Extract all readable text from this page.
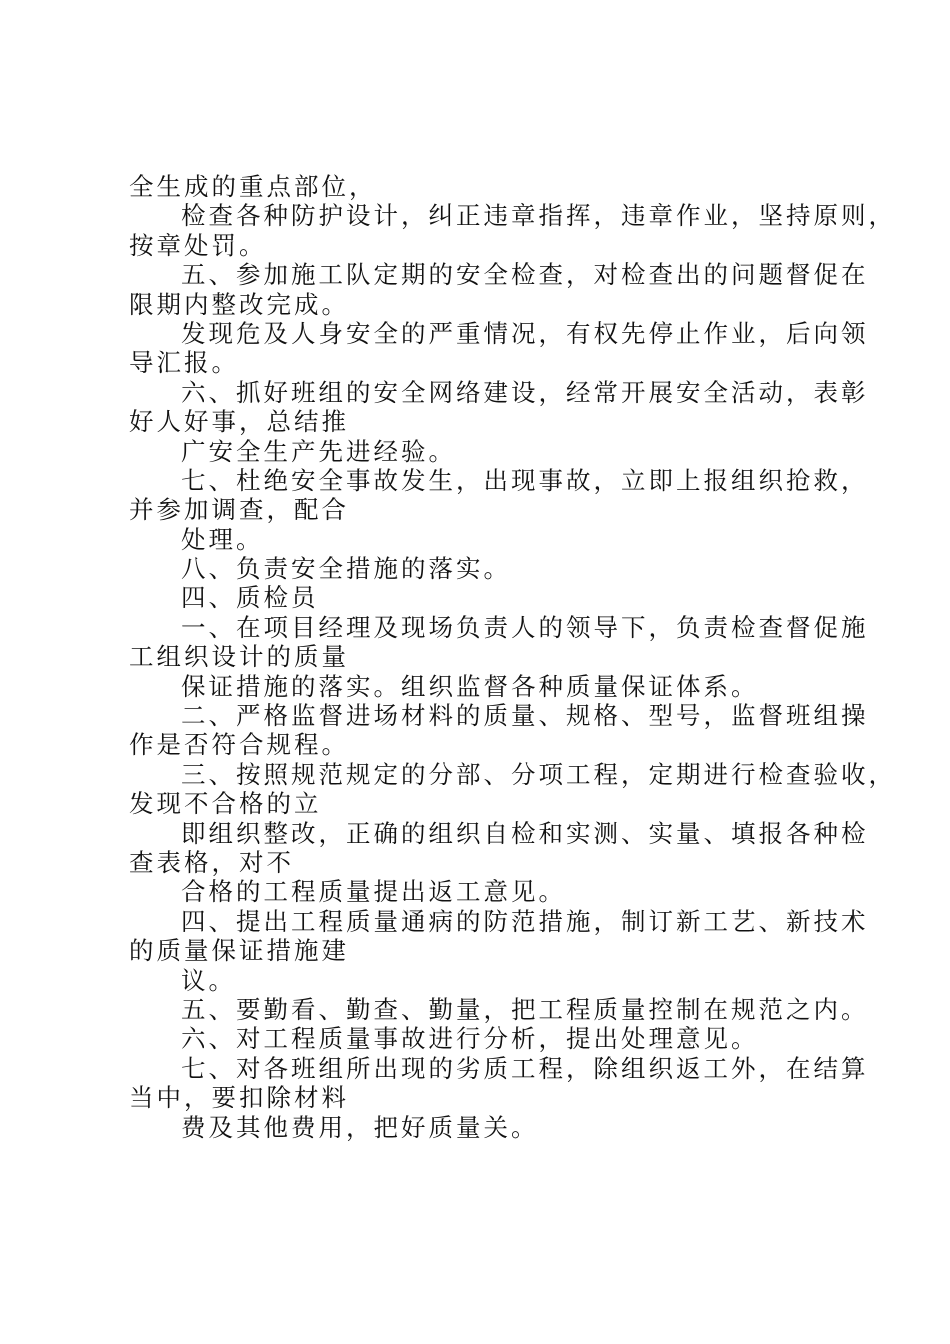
全生成的重点部位，
检查各种防护设计，纠正违章指挥，违章作业，坚持原则，
按章处罚。
五、参加施工队定期的安全检查，对检查出的问题督促在
限期内整改完成。
发现危及人身安全的严重情况，有权先停止作业，后向领
导汇报。
六、抓好班组的安全网络建设，经常开展安全活动，表彰
好人好事，总结推
广安全生产先进经验。
七、杜绝安全事故发生，出现事故，立即上报组织抢救，
并参加调查，配合
处理。
八、负责安全措施的落实。
四、质检员
一、在项目经理及现场负责人的领导下，负责检查督促施
工组织设计的质量
保证措施的落实。组织监督各种质量保证体系。
二、严格监督进场材料的质量、规格、型号，监督班组操
作是否符合规程。
三、按照规范规定的分部、分项工程，定期进行检查验收，
发现不合格的立
即组织整改，正确的组织自检和实测、实量、填报各种检
查表格，对不
合格的工程质量提出返工意见。
四、提出工程质量通病的防范措施，制订新工艺、新技术
的质量保证措施建
议。
五、要勤看、勤查、勤量，把工程质量控制在规范之内。
六、对工程质量事故进行分析，提出处理意见。
七、对各班组所出现的劣质工程，除组织返工外，在结算
当中，要扣除材料
费及其他费用，把好质量关。
